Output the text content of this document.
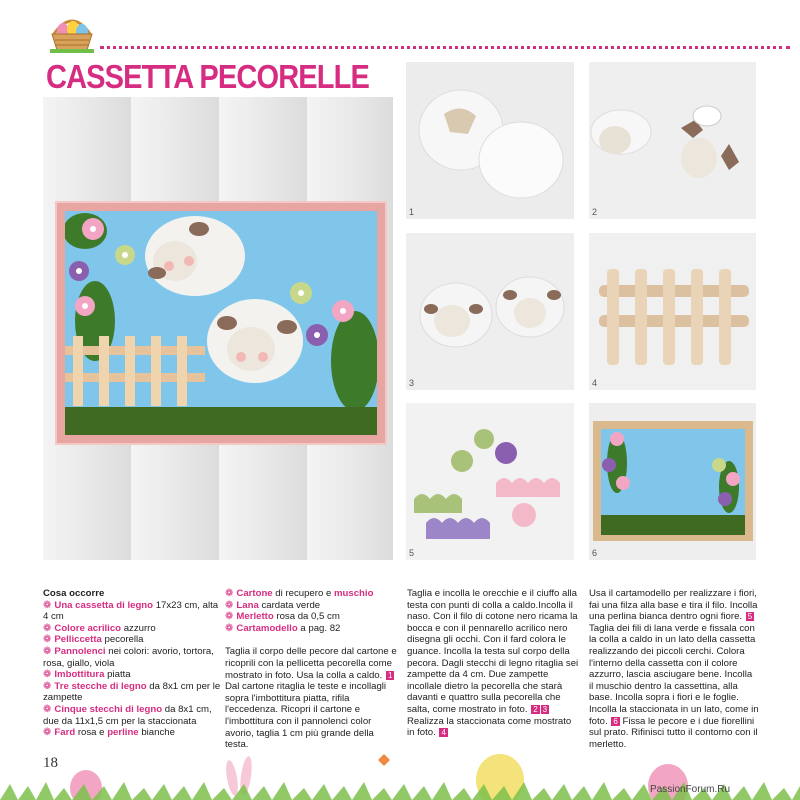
CASSETTA PECORELLE
1	2
3	4
5	6

Cosa occorre

❁ Una cassetta di legno 17x23 cm, alta 4 cm

❁ Colore acrilico azzurro

❁ Pelliccetta pecorella

❁ Pannolenci nei colori: avorio, tortora, rosa, giallo, viola

❁ Imbottitura piatta

❁ Tre stecche di legno da 8x1 cm per le zampette

❁ Cinque stecchi di legno da 8x1 cm, due da 11x1,5 cm per la staccionata

❁ Fard rosa e perline bianche

❁ Cartone di recupero e muschio

❁ Lana cardata verde

❁ Merletto rosa da 0,5 cm

❁ Cartamodello a pag. 82

Taglia il corpo delle pecore dal cartone e ricoprili con la pellicetta pecorella come mostrato in foto. Usa la colla a caldo. 1 Dal cartone ritaglia le teste e incollagli sopra l'imbottitura piatta, rifila l'eccedenza. Ricopri il cartone e l'imbottitura con il pannolenci color avorio, taglia 1 cm più grande della testa.

Taglia e incolla le orecchie e il ciuffo alla testa con punti di colla a caldo.Incolla il naso. Con il filo di cotone nero ricama la bocca e con il pennarello acrilico nero disegna gli occhi. Con il fard colora le guance. Incolla la testa sul corpo della pecora. Dagli stecchi di legno ritaglia sei zampette da 4 cm. Due zampette incollale dietro la pecorella che starà davanti e quattro sulla pecorella che salta, come mostrato in foto. 2 3 Realizza la staccionata come mostrato in foto. 4

Usa il cartamodello per realizzare i fiori, fai una filza alla base e tira il filo. Incolla una perlina bianca dentro ogni fiore. 5 Taglia dei fili di lana verde e fissala con la colla a caldo in un lato della cassetta realizzando dei piccoli cerchi. Colora l'interno della cassetta con il colore azzurro, lascia asciugare bene. Incolla il muschio dentro la cassettina, alla base. Incolla sopra i fiori e le foglie. Incolla la staccionata in un lato, come in foto. 6 Fissa le pecore e i due fiorellini sul prato. Rifinisci tutto il contorno con il merletto.

18
PassionForum.Ru
